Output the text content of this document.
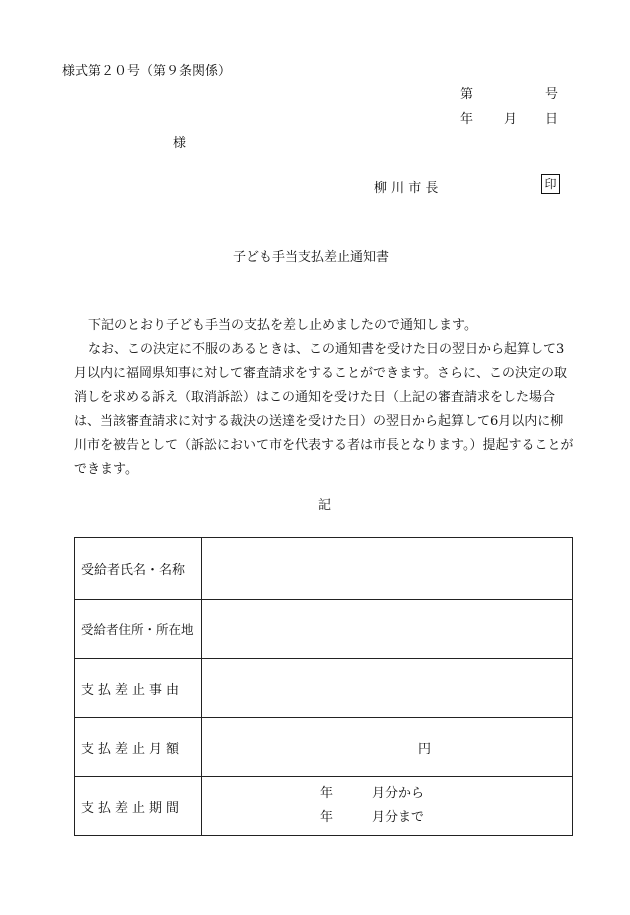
様式第２０号（第９条関係）
第	号
年 月 日
様
柳 川 市 長	印
子ども手当支払差止通知書
下記のとおり子ども手当の支払を差し止めましたので通知します。
なお、この決定に不服のあるときは、この通知書を受けた日の翌日から起算して3月以内に福岡県知事に対して審査請求をすることができます。さらに、この決定の取消しを求める訴え（取消訴訟）はこの通知を受けた日（上記の審査請求をした場合は、当該審査請求に対する裁決の送達を受けた日）の翌日から起算して6月以内に柳川市を被告として（訴訟において市を代表する者は市長となります。）提起することができます。
記
受給者氏名・名称	
受給者住所・所在地	
支払差止事由	
支払差止月額	円
支払差止期間	年　　　月分から
年　　　月分まで
